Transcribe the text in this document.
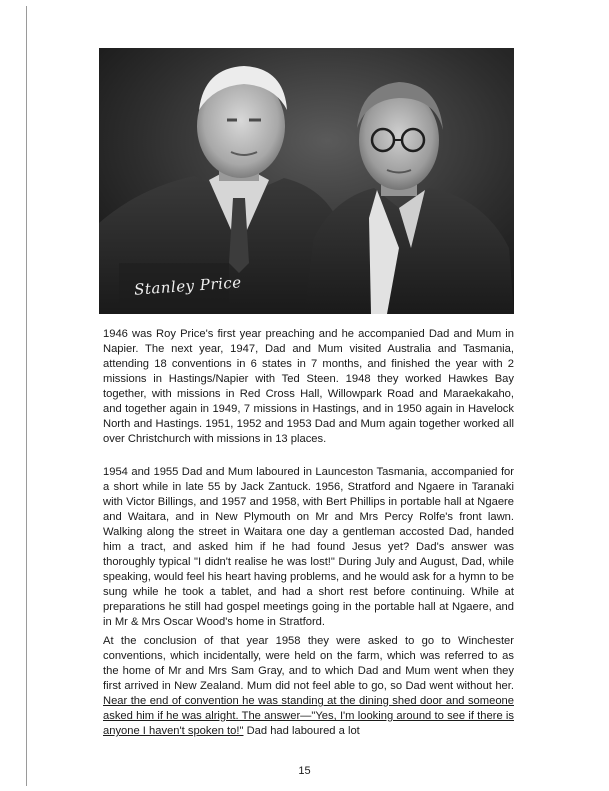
Stanley Price

1946 was Roy Price's first year preaching and he accompanied Dad and Mum in Napier. The next year, 1947, Dad and Mum visited Australia and Tasmania, attending 18 conventions in 6 states in 7 months, and finished the year with 2 missions in Hastings/Napier with Ted Steen. 1948 they worked Hawkes Bay together, with missions in Red Cross Hall, Willowpark Road and Maraekakaho, and together again in 1949, 7 missions in Hastings, and in 1950 again in Havelock North and Hastings. 1951, 1952 and 1953 Dad and Mum again together worked all over Christchurch with missions in 13 places.

1954 and 1955 Dad and Mum laboured in Launceston Tasmania, accompanied for a short while in late 55 by Jack Zantuck. 1956, Stratford and Ngaere in Taranaki with Victor Billings, and 1957 and 1958, with Bert Phillips in portable hall at Ngaere and Waitara, and in New Plymouth on Mr and Mrs Percy Rolfe's front lawn. Walking along the street in Waitara one day a gentleman accosted Dad, handed him a tract, and asked him if he had found Jesus yet? Dad's answer was thoroughly typical "I didn't realise he was lost!" During July and August, Dad, while speaking, would feel his heart having problems, and he would ask for a hymn to be sung while he took a tablet, and had a short rest before continuing. While at preparations he still had gospel meetings going in the portable hall at Ngaere, and in Mr & Mrs Oscar Wood's home in Stratford.

At the conclusion of that year 1958 they were asked to go to Winchester conventions, which incidentally, were held on the farm, which was referred to as the home of Mr and Mrs Sam Gray, and to which Dad and Mum went when they first arrived in New Zealand. Mum did not feel able to go, so Dad went without her. Near the end of convention he was standing at the dining shed door and someone asked him if he was alright. The answer—"Yes, I'm looking around to see if there is anyone I haven't spoken to!" Dad had laboured a lot

15
